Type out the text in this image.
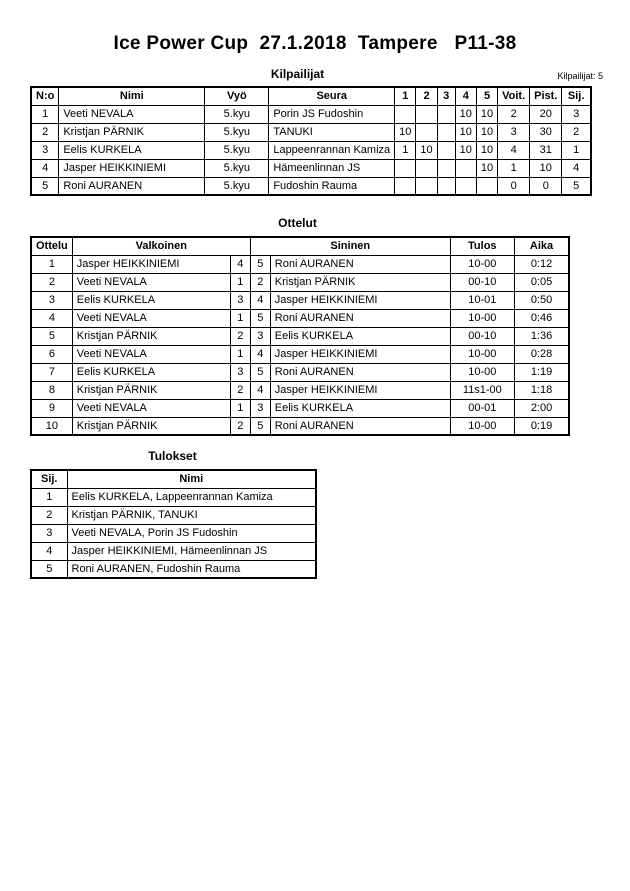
Ice Power Cup  27.1.2018  Tampere   P11-38
Kilpailijat	Kilpailijat: 5
N:o	Nimi	Vyö	Seura	1	2	3	4	5	Voit.	Pist.	Sij.
1	Veeti NEVALA	5.kyu	Porin JS Fudoshin				10	10	2	20	3
2	Kristjan PÄRNIK	5.kyu	TANUKI	10			10	10	3	30	2
3	Eelis KURKELA	5.kyu	Lappeenrannan Kamiza	1	10		10	10	4	31	1
4	Jasper HEIKKINIEMI	5.kyu	Hämeenlinnan JS					10	1	10	4
5	Roni AURANEN	5.kyu	Fudoshin Rauma						0	0	5
Ottelut
Ottelu	Valkoinen		Sininen		Tulos	Aika
1	Jasper HEIKKINIEMI	4	5	Roni AURANEN	10-00	0:12
2	Veeti NEVALA	1	2	Kristjan PÄRNIK	00-10	0:05
3	Eelis KURKELA	3	4	Jasper HEIKKINIEMI	10-01	0:50
4	Veeti NEVALA	1	5	Roni AURANEN	10-00	0:46
5	Kristjan PÄRNIK	2	3	Eelis KURKELA	00-10	1:36
6	Veeti NEVALA	1	4	Jasper HEIKKINIEMI	10-00	0:28
7	Eelis KURKELA	3	5	Roni AURANEN	10-00	1:19
8	Kristjan PÄRNIK	2	4	Jasper HEIKKINIEMI	11s1-00	1:18
9	Veeti NEVALA	1	3	Eelis KURKELA	00-01	2:00
10	Kristjan PÄRNIK	2	5	Roni AURANEN	10-00	0:19
Tulokset
Sij.	Nimi
1	Eelis KURKELA, Lappeenrannan Kamiza
2	Kristjan PÄRNIK, TANUKI
3	Veeti NEVALA, Porin JS Fudoshin
4	Jasper HEIKKINIEMI, Hämeenlinnan JS
5	Roni AURANEN, Fudoshin Rauma
